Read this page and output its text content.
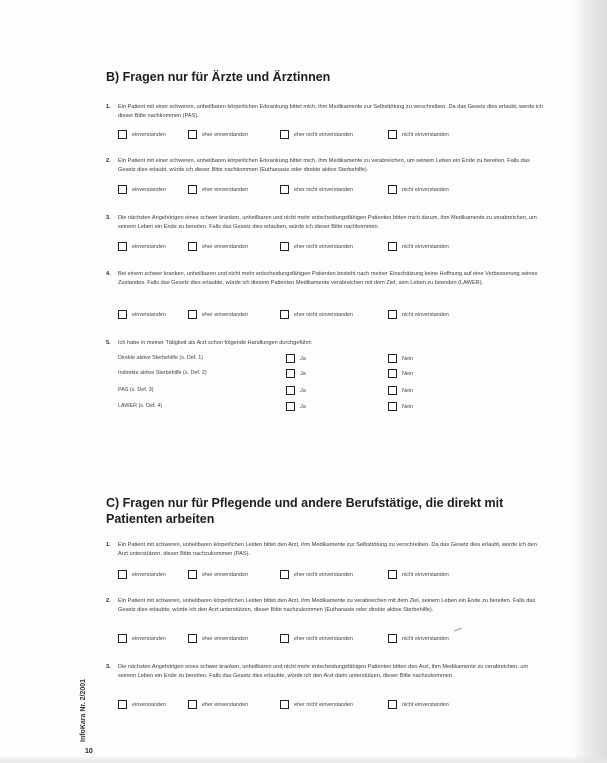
B) Fragen nur für Ärzte und Ärztinnen
1. Ein Patient mit einer schweren, unheilbaren körperlichen Erkrankung bittet mich, ihm Medikamente zur Selbsttötung zu verschreiben. Da das Gesetz dies erlaubt, werde ich dieser Bitte nachkommen (PAS).
einverstanden	eher einverstanden	eher nicht einverstanden	nicht einverstanden
2. Ein Patient mit einer schweren, unheilbaren körperlichen Erkrankung bittet mich, ihm Medikamente zu verabreichen, um seinem Leben ein Ende zu bereiten. Falls das Gesetz dies erlaubt, würde ich dieser Bitte nachkommen (Euthanasie oder direkte aktive Sterbehilfe).
einverstanden	eher einverstanden	eher nicht einverstanden	nicht einverstanden
3. Die nächsten Angehörigen eines schwer kranken, unheilbaren und nicht mehr entscheidungsfähigen Patienten bitten mich darum, ihm Medikamente zu verabreichen, um seinem Leben ein Ende zu bereiten. Falls das Gesetz dies erlauben, würde ich dieser Bitte nachkommen.
einverstanden	eher einverstanden	eher nicht einverstanden	nicht einverstanden
4. Bei einem schwer kranken, unheilbaren und nicht mehr entscheidungsfähigen Patienten besteht nach meiner Einschätzung keine Hoffnung auf eine Verbesserung seines Zustandes. Falls das Gesetz dies erlaubte, würde ich diesem Patienten Medikamente verabreichen mit dem Ziel, sein Leben zu beenden (LAWER).
einverstanden	eher einverstanden	eher nicht einverstanden	nicht einverstanden
5. Ich habe in meiner Tätigkeit als Arzt schon folgende Handlungen durchgeführt:
Direkte aktive Sterbehilfe (s. Def. 1)	Ja	Nein
Indirekte aktive Sterbehilfe (s. Def. 2)	Ja	Nein
PAS (s. Def. 3)	Ja	Nein
LAWER (s. Def. 4)	Ja	Nein
C) Fragen nur für Pflegende und andere Berufstätige, die direkt mit Patienten arbeiten
1. Ein Patient mit schweren, unheilbaren körperlichen Leiden bittet den Arzt, ihm Medikamente zur Selbsttötung zu verschreiben. Da das Gesetz dies erlaubt, würde ich den Arzt unterstützen, dieser Bitte nachzukommen (PAS).
einverstanden	eher einverstanden	eher nicht einverstanden	nicht einverstanden
2. Ein Patient mit schweren, unheilbaren körperlichen Leiden bittet den Arzt, ihm Medikamente zu verabreichen mit dem Ziel, seinem Leben ein Ende zu bereiten. Falls das Gesetz dies erlaubte, würde ich den Arzt unterstützen, dieser Bitte nachzukommen (Euthanasie oder direkte aktive Sterbehilfe).
einverstanden	eher einverstanden	eher nicht einverstanden	nicht einverstanden
3. Die nächsten Angehörigen eines schwer kranken, unheilbaren und nicht mehr entscheidungsfähigen Patienten bitten den Arzt, ihm Medikamente zu verabreichen, um seinem Leben ein Ende zu bereiten. Falls das Gesetz dies erlaubte, würde ich den Arzt darin unterstützen, dieser Bitte nachzukommen.
einverstanden	eher einverstanden	eher nicht einverstanden	nicht einverstanden
InfoKara Nr. 2/2001
10
